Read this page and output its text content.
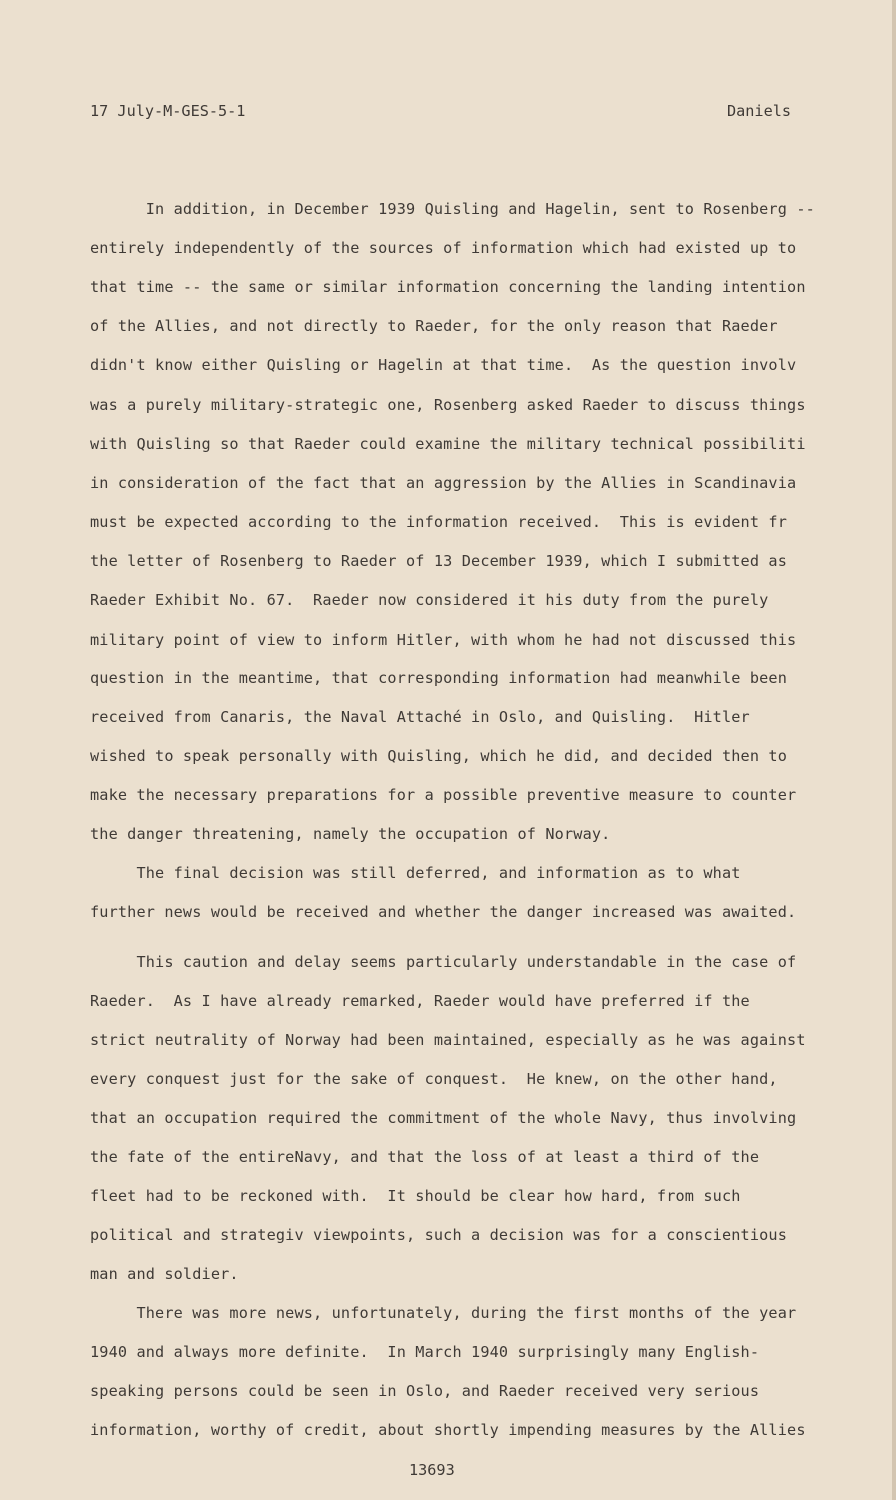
17 July-M-GES-5-1	Daniels
In addition, in December 1939 Quisling and Hagelin, sent to Rosenberg --
entirely independently of the sources of information which had existed up to
that time -- the same or similar information concerning the landing intention
of the Allies, and not directly to Raeder, for the only reason that Raeder
didn't know either Quisling or Hagelin at that time.  As the question involv
was a purely military-strategic one, Rosenberg asked Raeder to discuss things
with Quisling so that Raeder could examine the military technical possibiliti
in consideration of the fact that an aggression by the Allies in Scandinavia
must be expected according to the information received.  This is evident fr
the letter of Rosenberg to Raeder of 13 December 1939, which I submitted as
Raeder Exhibit No. 67.  Raeder now considered it his duty from the purely
military point of view to inform Hitler, with whom he had not discussed this
question in the meantime, that corresponding information had meanwhile been
received from Canaris, the Naval Attaché in Oslo, and Quisling.  Hitler
wished to speak personally with Quisling, which he did, and decided then to
make the necessary preparations for a possible preventive measure to counter
the danger threatening, namely the occupation of Norway.
The final decision was still deferred, and information as to what
further news would be received and whether the danger increased was awaited.
This caution and delay seems particularly understandable in the case of
Raeder.  As I have already remarked, Raeder would have preferred if the
strict neutrality of Norway had been maintained, especially as he was against
every conquest just for the sake of conquest.  He knew, on the other hand,
that an occupation required the commitment of the whole Navy, thus involving
the fate of the entireNavy, and that the loss of at least a third of the
fleet had to be reckoned with.  It should be clear how hard, from such
political and strategiv viewpoints, such a decision was for a conscientious
man and soldier.
There was more news, unfortunately, during the first months of the year
1940 and always more definite.  In March 1940 surprisingly many English-
speaking persons could be seen in Oslo, and Raeder received very serious
information, worthy of credit, about shortly impending measures by the Allies
13693
